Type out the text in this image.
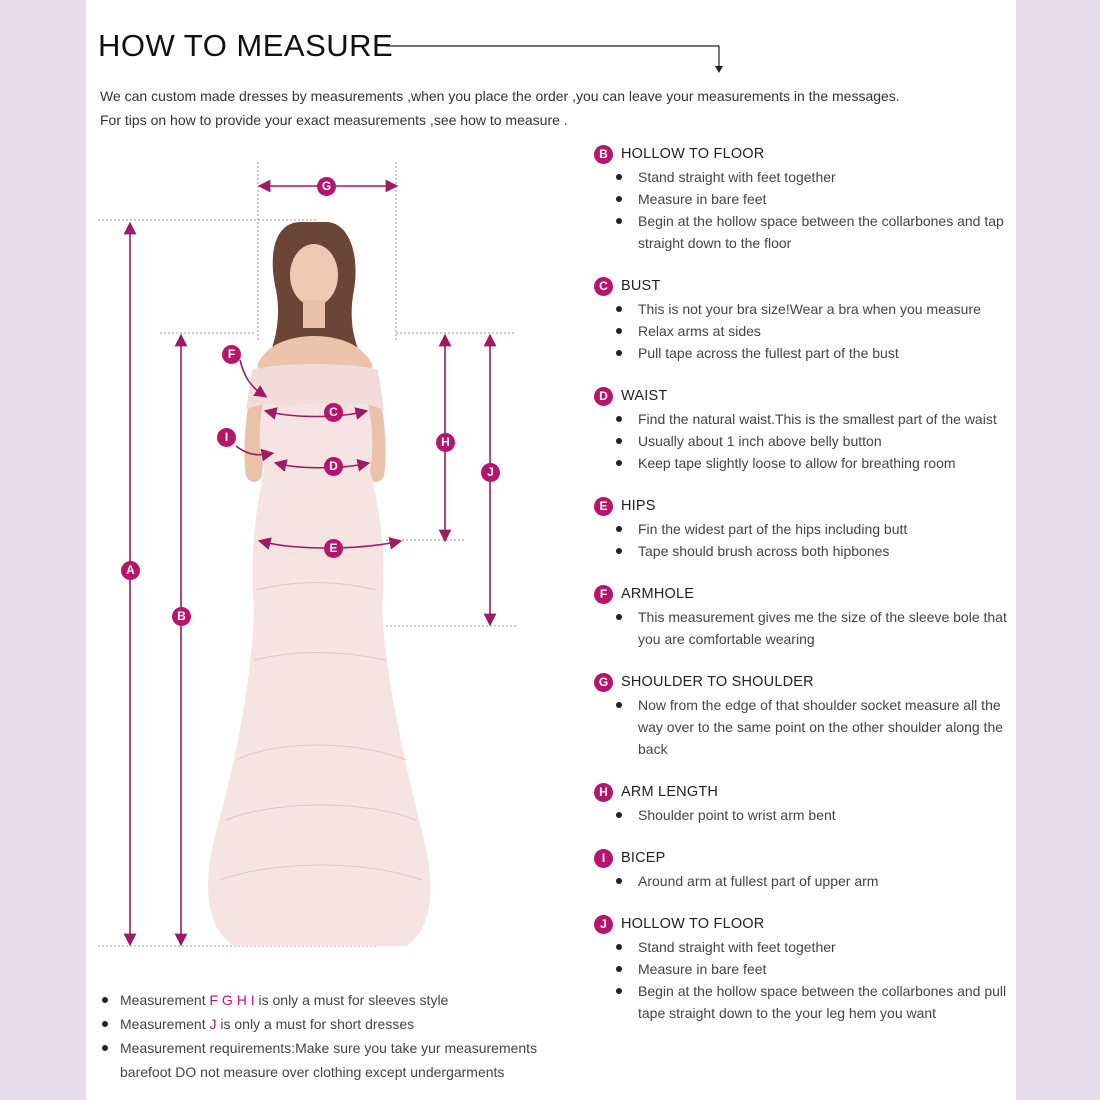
HOW TO MEASURE
We can custom made dresses by measurements ,when you place the order ,you can leave your measurements in the messages.
For tips on how to provide your exact measurements ,see how to measure .
A
B
C
D
E
F
G
H
I
J
B HOLLOW TO FLOOR
Stand straight with feet together
Measure in bare feet
Begin at the hollow space between the collarbones and tap straight down to the floor
C BUST
This is not your bra size!Wear a bra when you measure
Relax arms at sides
Pull tape across the fullest part of the bust
D WAIST
Find the natural waist.This is the smallest part of the waist
Usually about 1 inch above belly button
Keep tape slightly loose to allow for breathing room
E HIPS
Fin the widest part of the hips including butt
Tape should brush across both hipbones
F ARMHOLE
This measurement gives me the size of the sleeve bole that you are comfortable wearing
G SHOULDER TO SHOULDER
Now from the edge of that shoulder socket measure all the way over to the same point on the other shoulder along the back
H ARM LENGTH
Shoulder point to wrist arm bent
I	BICEP
Around arm at fullest part of upper arm
J HOLLOW TO FLOOR
Stand straight with feet together
Measure in bare feet
Begin at the hollow space between the collarbones and pull tape straight down to the your leg hem you want
Measurement F G H I is only a must for sleeves style
Measurement J is only a must for short dresses
Measurement requirements:Make sure you take yur measurements barefoot DO not measure over clothing except undergarments
